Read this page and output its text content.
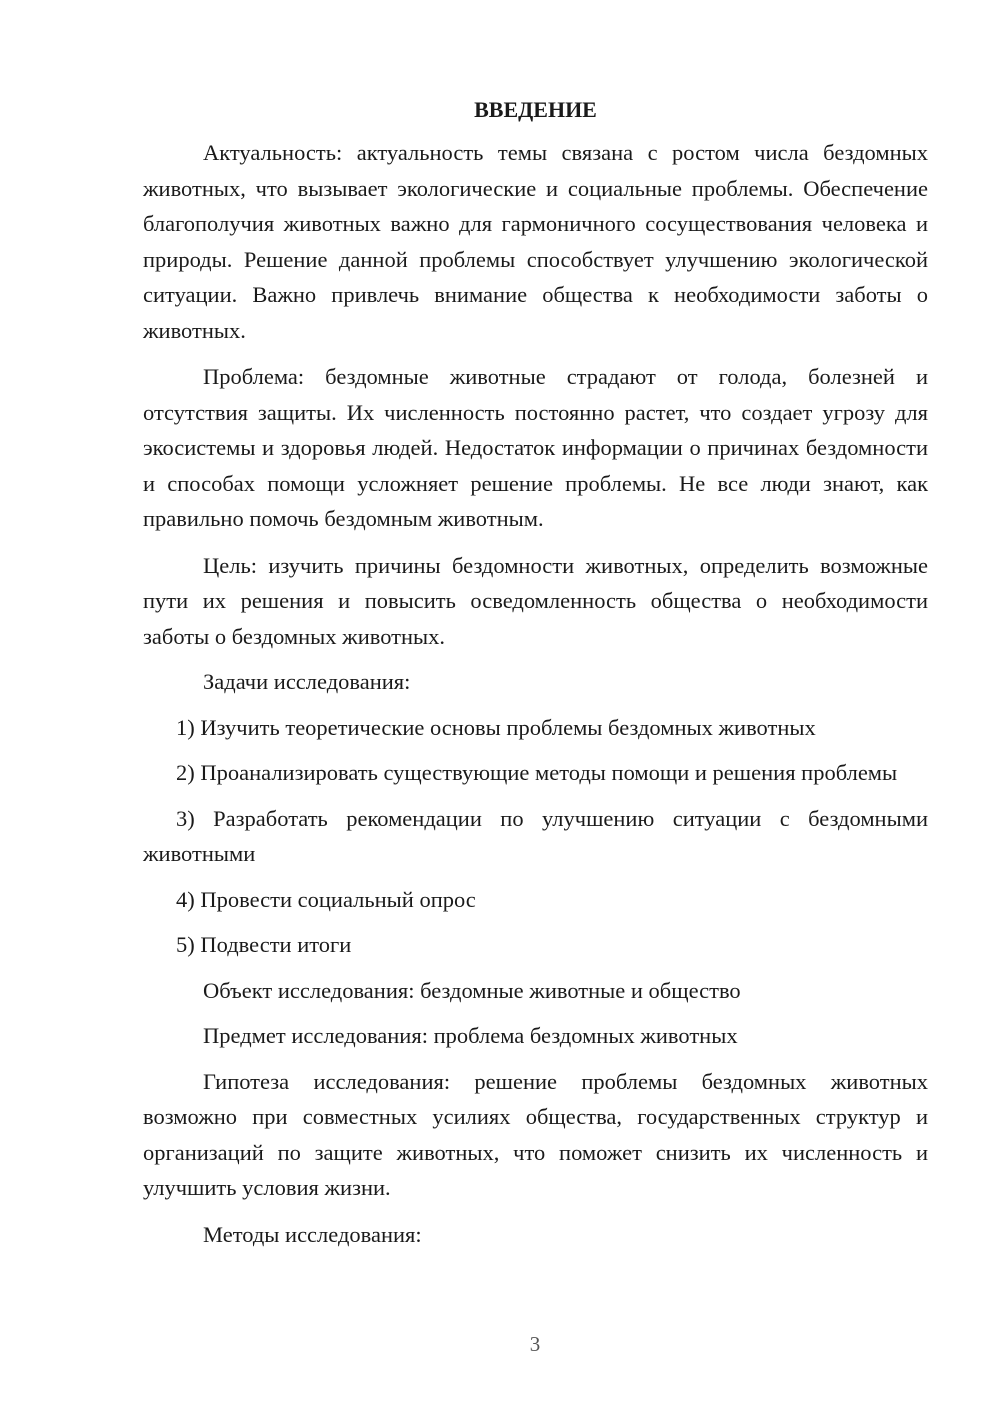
ВВЕДЕНИЕ

Актуальность: актуальность темы связана с ростом числа бездомных животных, что вызывает экологические и социальные проблемы. Обеспечение благополучия животных важно для гармоничного сосуществования человека и природы. Решение данной проблемы способствует улучшению экологической ситуации. Важно привлечь внимание общества к необходимости заботы о животных.

Проблема: бездомные животные страдают от голода, болезней и отсутствия защиты. Их численность постоянно растет, что создает угрозу для экосистемы и здоровья людей. Недостаток информации о причинах бездомности и способах помощи усложняет решение проблемы. Не все люди знают, как правильно помочь бездомным животным.

Цель: изучить причины бездомности животных, определить возможные пути их решения и повысить осведомленность общества о необходимости заботы о бездомных животных.

Задачи исследования:

1) Изучить теоретические основы проблемы бездомных животных

2) Проанализировать существующие методы помощи и решения проблемы

3) Разработать рекомендации по улучшению ситуации с бездомными животными

4) Провести социальный опрос

5) Подвести итоги

Объект исследования: бездомные животные и общество

Предмет исследования: проблема бездомных животных

Гипотеза исследования: решение проблемы бездомных животных возможно при совместных усилиях общества, государственных структур и организаций по защите животных, что поможет снизить их численность и улучшить условия жизни.

Методы исследования:

3
